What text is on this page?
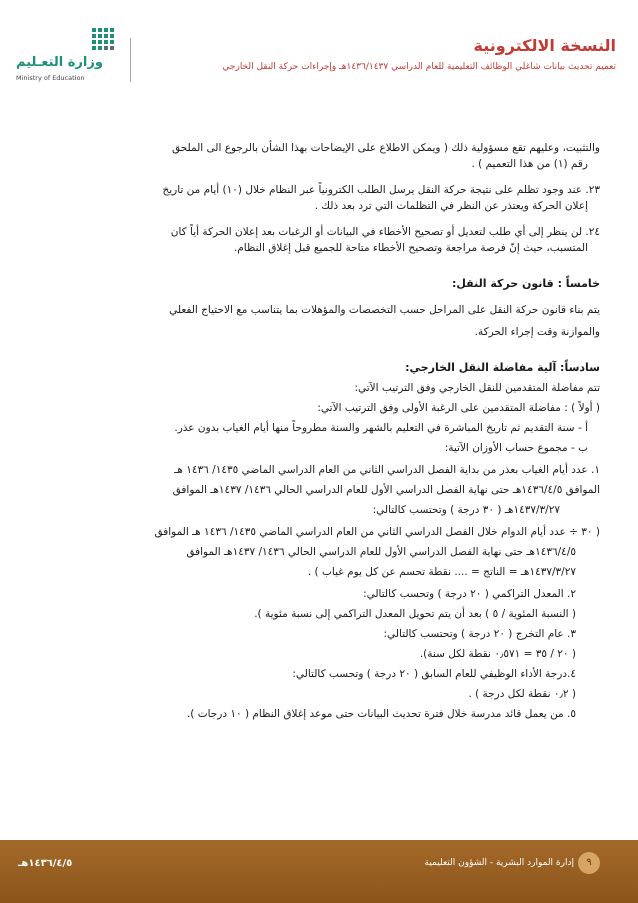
وزارة التعـليم
Ministry of Education
النسخة الالكترونية
تعميم تحديث بيانات شاغلي الوظائف التعليمية للعام الدراسي ١٤٣٦/١٤٣٧هـ وإجراءات حركة النقل الخارجي

والتثبيت، وعليهم تقع مسؤولية ذلك ( ويمكن الاطلاع على الإيضاحات بهذا الشأن بالرجوع الى الملحق

رقم (١) من هذا التعميم ) .

٢٣. عند وجود تظلم على نتيجة حركة النقل يرسل الطلب الكترونياً عبر النظام خلال (١٠) أيام من تاريخ

إعلان الحركة ويعتذر عن النظر في التظلمات التي ترد بعد ذلك .

٢٤. لن ينظر إلى أي طلب لتعديل أو تصحيح الأخطاء في البيانات أو الرغبات بعد إعلان الحركة أياً كان

المتسبب، حيث إنّ فرصة مراجعة وتصحيح الأخطاء متاحة للجميع قبل إغلاق النظام.

خامساً : قانون حركة النقل:

يتم بناء قانون حركة النقل على المراحل حسب التخصصات والمؤهلات بما يتناسب مع الاحتياج الفعلي

والموازنة وقت إجراء الحركة.

سادساً: آلية مفاضلة النقل الخارجي:

تتم مفاضلة المتقدمين للنقل الخارجي وفق الترتيب الآتي:

( أولاً ) : مفاضلة المتقدمين على الرغبة الأولى وفق الترتيب الآتي:

أ - سنة التقديم ثم تاريخ المباشرة في التعليم بالشهر والسنة مطروحاً منها أيام الغياب بدون عذر.

ب - مجموع حساب الأوزان الآتية:

١. عدد أيام الغياب بعذر من بداية الفصل الدراسي الثاني من العام الدراسي الماضي ١٤٣٥/ ١٤٣٦ هـ

الموافق ١٤٣٦/٤/٥هـ حتى نهاية الفصل الدراسي الأول للعام الدراسي الحالي ١٤٣٦/ ١٤٣٧هـ الموافق

١٤٣٧/٣/٢٧هـ ( ٣٠ درجة ) وتحتسب كالتالي:

( ٣٠ ÷ عدد أيام الدوام خلال الفصل الدراسي الثاني من العام الدراسي الماضي ١٤٣٥/ ١٤٣٦ هـ الموافق

١٤٣٦/٤/٥هـ حتى نهاية الفصل الدراسي الأول للعام الدراسي الحالي ١٤٣٦/ ١٤٣٧هـ الموافق

١٤٣٧/٣/٢٧هـ = الناتج = .... نقطة تحسم عن كل يوم غياب ) .

٢. المعدل التراكمي ( ٢٠ درجة ) وتحسب كالتالي:

( النسبة المئوية / ٥ ) بعد أن يتم تحويل المعدل التراكمي إلى نسبة مئوية ).

٣. عام التخرج ( ٢٠ درجة ) وتحتسب كالتالي:

( ٢٠ / ٣٥ = ٠٫٥٧١ نقطة لكل سنة).

٤.درجة الأداء الوظيفي للعام السابق ( ٢٠ درجة ) وتحسب كالتالي:

( ٠٫٢ نقطة لكل درجة ) .

٥. من يعمل قائد مدرسة خلال فترة تحديث البيانات حتى موعد إغلاق النظام ( ١٠ درجات ).

١٤٣٦/٤/٥هـ	إدارة الموارد البشرية - الشؤون التعليمية	٩
